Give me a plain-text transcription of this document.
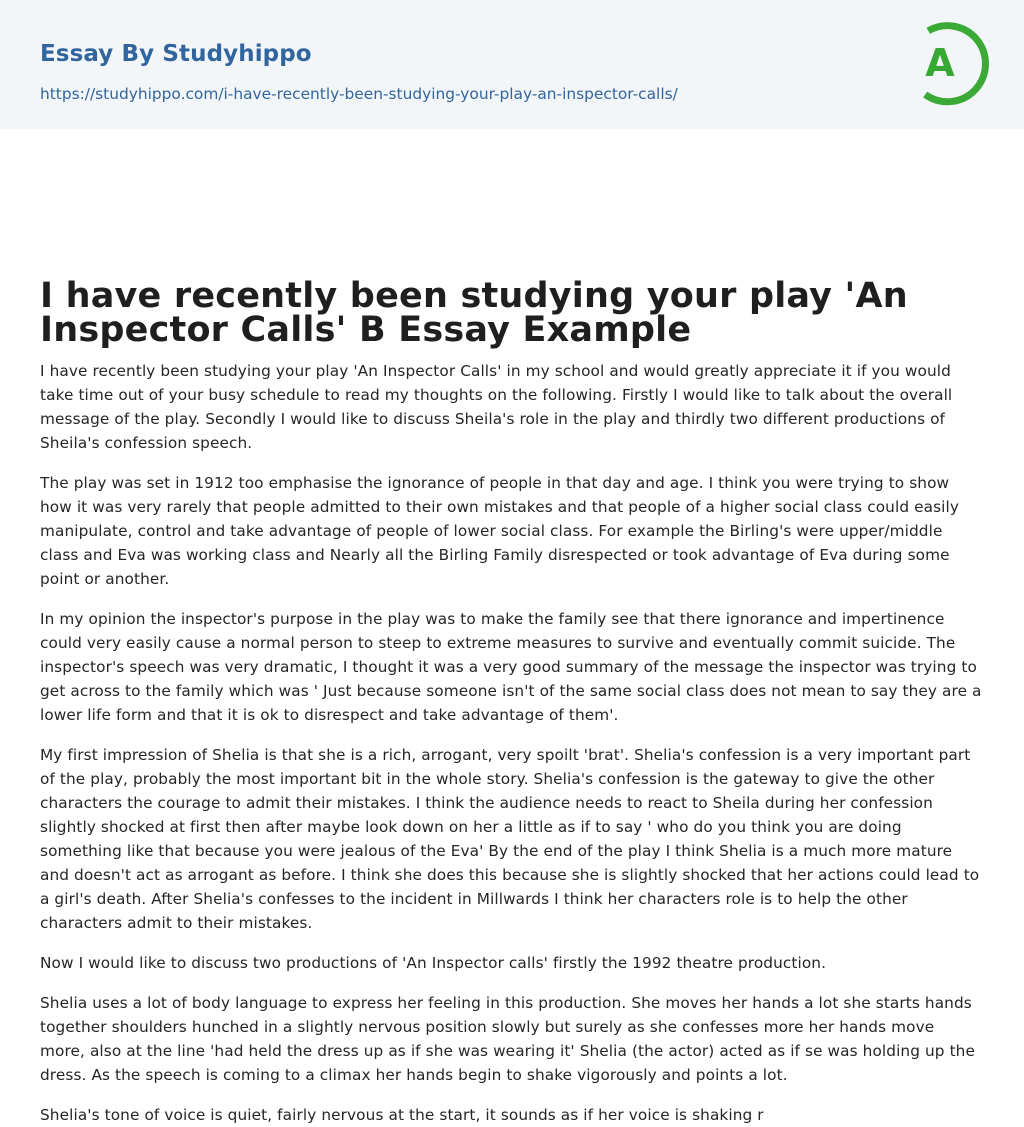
Essay By Studyhippo
https://studyhippo.com/i-have-recently-been-studying-your-play-an-inspector-calls/
A
I have recently been studying your play 'An Inspector Calls' B Essay Example

I have recently been studying your play 'An Inspector Calls' in my school and would greatly appreciate it if you would take time out of your busy schedule to read my thoughts on the following. Firstly I would like to talk about the overall message of the play. Secondly I would like to discuss Sheila's role in the play and thirdly two different productions of Sheila's confession speech.

The play was set in 1912 too emphasise the ignorance of people in that day and age. I think you were trying to show how it was very rarely that people admitted to their own mistakes and that people of a higher social class could easily manipulate, control and take advantage of people of lower social class. For example the Birling's were upper/middle class and Eva was working class and Nearly all the Birling Family disrespected or took advantage of Eva during some point or another.

In my opinion the inspector's purpose in the play was to make the family see that there ignorance and impertinence could very easily cause a normal person to steep to extreme measures to survive and eventually commit suicide. The inspector's speech was very dramatic, I thought it was a very good summary of the message the inspector was trying to get across to the family which was ' Just because someone isn't of the same social class does not mean to say they are a lower life form and that it is ok to disrespect and take advantage of them'.

My first impression of Shelia is that she is a rich, arrogant, very spoilt 'brat'. Shelia's confession is a very important part of the play, probably the most important bit in the whole story. Shelia's confession is the gateway to give the other characters the courage to admit their mistakes. I think the audience needs to react to Sheila during her confession slightly shocked at first then after maybe look down on her a little as if to say ' who do you think you are doing something like that because you were jealous of the Eva' By the end of the play I think Shelia is a much more mature and doesn't act as arrogant as before. I think she does this because she is slightly shocked that her actions could lead to a girl's death. After Shelia's confesses to the incident in Millwards I think her characters role is to help the other characters admit to their mistakes.

Now I would like to discuss two productions of 'An Inspector calls' firstly the 1992 theatre production.

Shelia uses a lot of body language to express her feeling in this production. She moves her hands a lot she starts hands together shoulders hunched in a slightly nervous position slowly but surely as she confesses more her hands move more, also at the line 'had held the dress up as if she was wearing it' Shelia (the actor) acted as if se was holding up the dress. As the speech is coming to a climax her hands begin to shake vigorously and points a lot.

Shelia's tone of voice is quiet, fairly nervous at the start, it sounds as if her voice is shaking r
